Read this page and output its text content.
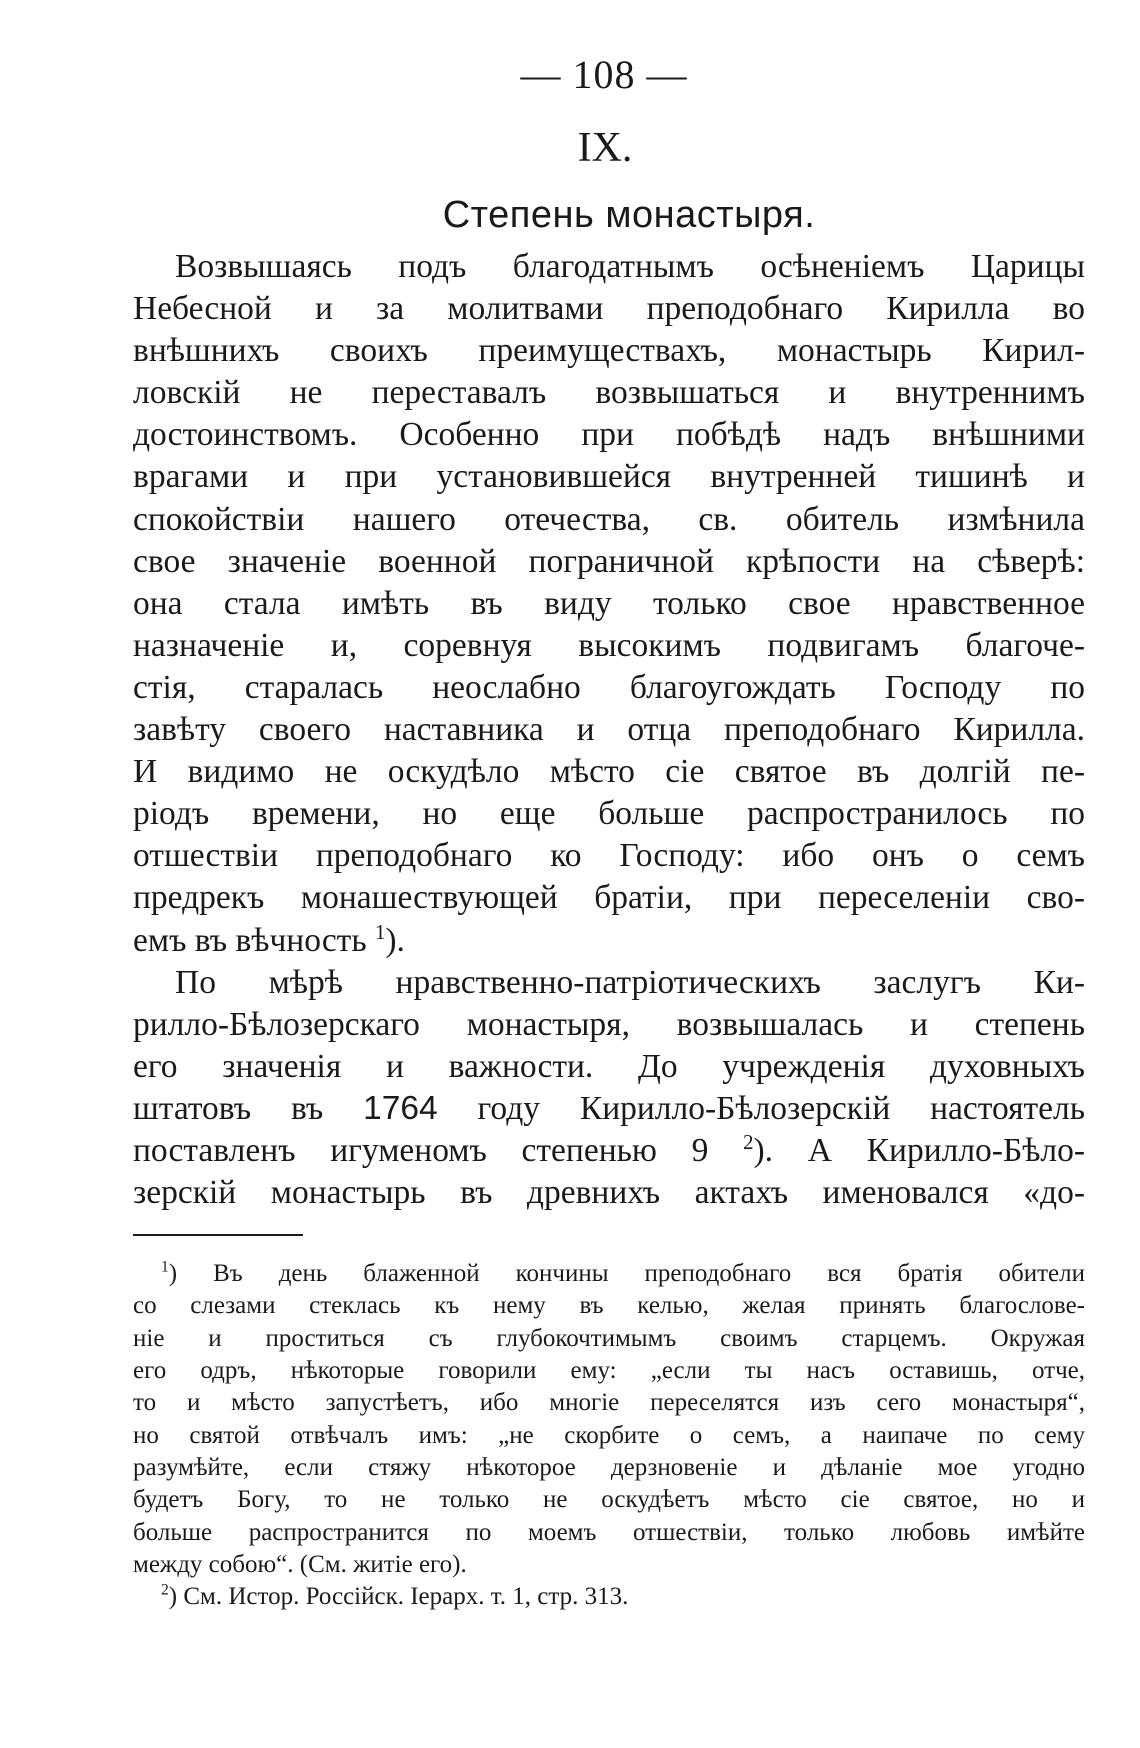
— 108 —
IX.
Степень монастыря.
Возвышаясь подъ благодатнымъ осѣненiемъ Царицы
Небесной и за молитвами преподобнаго Кирилла во
внѣшнихъ своихъ преимуществахъ, монастырь Кирил-
ловскiй не переставалъ возвышаться и внутреннимъ
достоинствомъ. Особенно при побѣдѣ надъ внѣшними
врагами и при установившейся внутренней тишинѣ и
спокойствiи нашего отечества, св. обитель измѣнила
свое значенiе военной пограничной крѣпости на сѣверѣ:
она стала имѣть въ виду только свое нравственное
назначенiе и, соревнуя высокимъ подвигамъ благоче-
стiя, старалась неослабно благоугождать Господу по
завѣту своего наставника и отца преподобнаго Кирилла.
И видимо не оскудѣло мѣсто сiе святое въ долгiй пе-
рiодъ времени, но еще больше распространилось по
отшествiи преподобнаго ко Господу: ибо онъ о семъ
предрекъ монашествующей братiи, при переселенiи сво-
емъ въ вѣчность $^1$).
По мѣрѣ нравственно-патрiотическихъ заслугъ Ки-
рилло-Бѣлозерскаго монастыря, возвышалась и степень
его значенiя и важности. До учрежденiя духовныхъ
штатовъ въ 1764 году Кирилло-Бѣлозерскiй настоятель
поставленъ игуменомъ степенью 9 $^2$). А Кирилло-Бѣло-
зерскiй монастырь въ древнихъ актахъ именовался «до-
$^1$) Въ день блаженной кончины преподобнаго вся братiя обители
со слезами стеклась къ нему въ келью, желая принять благослове-
нiе и проститься съ глубокочтимымъ своимъ старцемъ. Окружая
его одръ, нѣкоторые говорили ему: „если ты насъ оставишь, отче,
то и мѣсто запустѣетъ, ибо многiе переселятся изъ сего монастыря“,
но святой отвѣчалъ имъ: „не скорбите о семъ, а наипаче по сему
разумѣйте, если стяжу нѣкоторое дерзновенiе и дѣланiе мое угодно
будетъ Богу, то не только не оскудѣетъ мѣсто сiе святое, но и
больше распространится по моемъ отшествiи, только любовь имѣйте
между собою“. (См. житiе его).
$^2$) См. Истор. Россiйск. Iерарх. т. 1, стр. 313.
